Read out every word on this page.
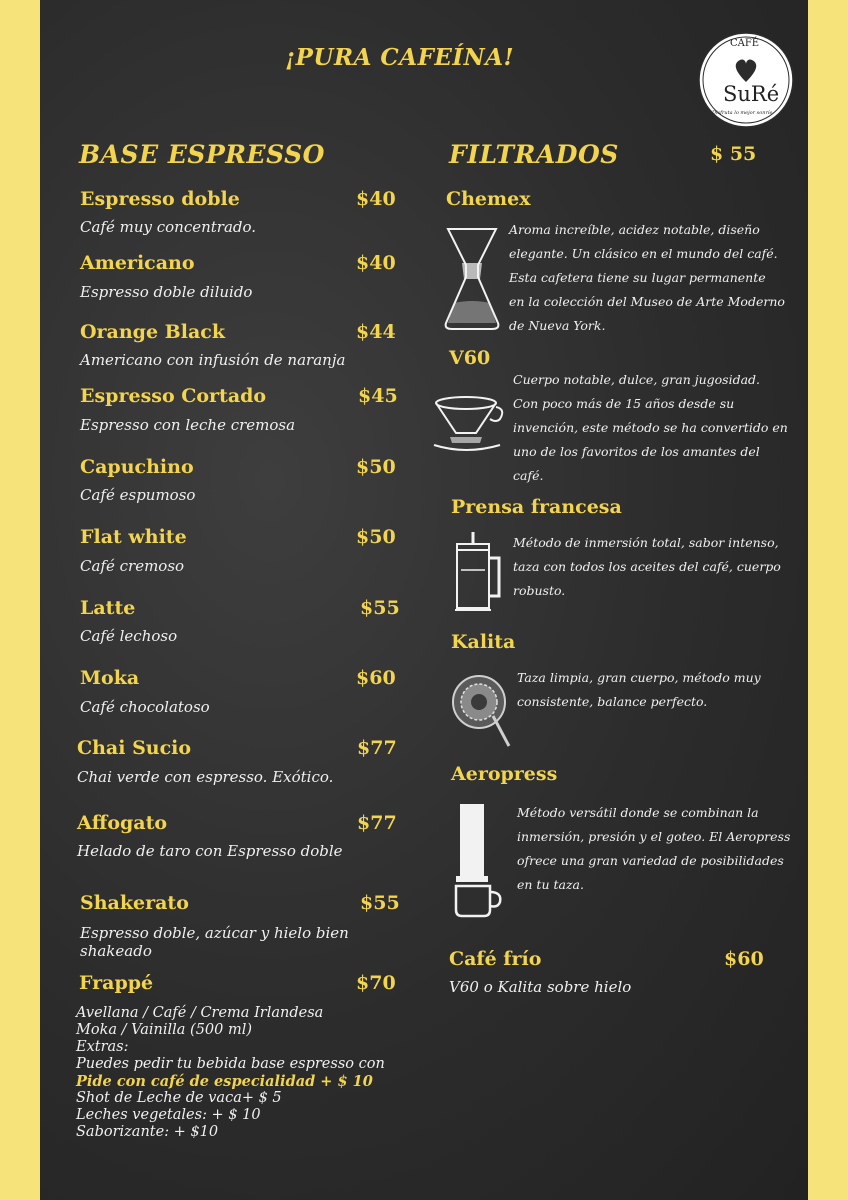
¡PURA CAFEÍNA!
CAFÉ
SuRé
Disfruta lo mejor sonríe
BASE ESPRESSO
Espresso doble	$40
Café muy concentrado.
Americano	$40
Espresso doble diluido
Orange Black	$44
Americano con infusión de naranja
Espresso Cortado	$45
Espresso con leche cremosa
Capuchino	$50
Café espumoso
Flat white	$50
Café cremoso
Latte	$55
Café lechoso
Moka	$60
Café chocolatoso
Chai Sucio	$77
Chai verde con espresso. Exótico.
Affogato	$77
Helado de taro con Espresso doble
Shakerato	$55
Espresso doble, azúcar y hielo bien
shakeado
Frappé	$70
Avellana / Café / Crema Irlandesa
Moka / Vainilla (500 ml)
Extras:
Puedes pedir tu bebida base espresso con
Pide con café de especialidad + $ 10
Shot de Leche de vaca+ $ 5
Leches vegetales: + $ 10
Saborizante: + $10
FILTRADOS	$ 55
Chemex
Aroma increíble, acidez notable, diseño
elegante. Un clásico en el mundo del café.
Esta cafetera tiene su lugar permanente
en la colección del Museo de Arte Moderno
de Nueva York.
V60
Cuerpo notable, dulce, gran jugosidad.
Con poco más de 15 años desde su
invención, este método se ha convertido en
uno de los favoritos de los amantes del
café.
Prensa francesa
Método de inmersión total, sabor intenso,
taza con todos los aceites del café, cuerpo
robusto.
Kalita
Taza limpia, gran cuerpo, método muy
consistente, balance perfecto.
Aeropress
Método versátil donde se combinan la
inmersión, presión y el goteo. El Aeropress
ofrece una gran variedad de posibilidades
en tu taza.
Café frío	$60
V60 o Kalita sobre hielo
